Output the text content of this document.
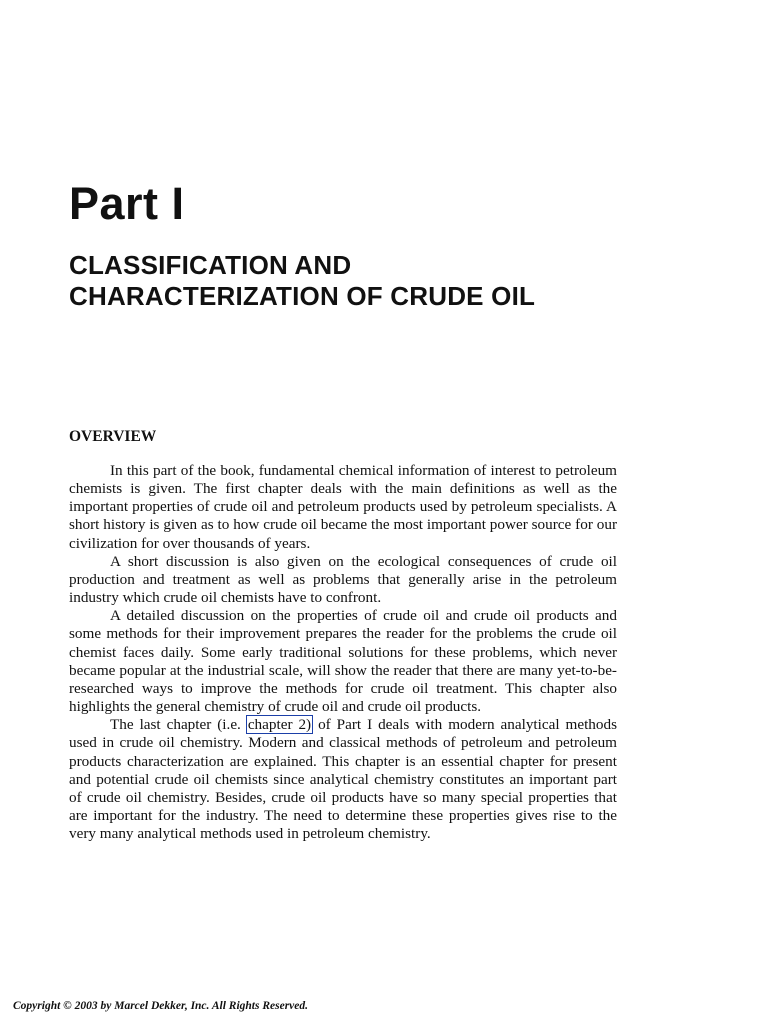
Part I
CLASSIFICATION AND
CHARACTERIZATION OF CRUDE OIL
OVERVIEW

In this part of the book, fundamental chemical information of interest to petroleum chemists is given. The first chapter deals with the main definitions as well as the important properties of crude oil and petroleum products used by petroleum specialists. A short history is given as to how crude oil became the most important power source for our civilization for over thousands of years.

A short discussion is also given on the ecological consequences of crude oil production and treatment as well as problems that generally arise in the petroleum industry which crude oil chemists have to confront.

A detailed discussion on the properties of crude oil and crude oil products and some methods for their improvement prepares the reader for the problems the crude oil chemist faces daily. Some early traditional solutions for these problems, which never became popular at the industrial scale, will show the reader that there are many yet-to-be-researched ways to improve the methods for crude oil treatment. This chapter also highlights the general chemistry of crude oil and crude oil products.

The last chapter (i.e. chapter 2) of Part I deals with modern analytical methods used in crude oil chemistry. Modern and classical methods of petroleum and petroleum products characterization are explained. This chapter is an essential chapter for present and potential crude oil chemists since analytical chemistry constitutes an important part of crude oil chemistry. Besides, crude oil products have so many special properties that are important for the industry. The need to determine these properties gives rise to the very many analytical methods used in petroleum chemistry.

Copyright © 2003 by Marcel Dekker, Inc. All Rights Reserved.
